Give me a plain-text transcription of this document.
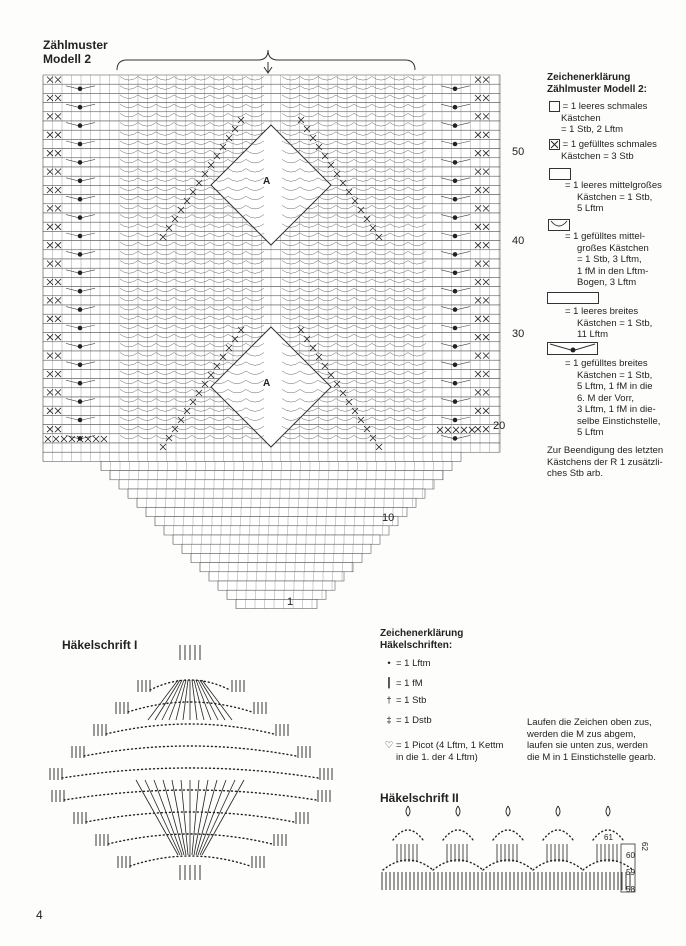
Zählmuster
Modell 2
50
40
30
20
10
1
A
A
Zeichenerklärung
Zählmuster Modell 2:
= 1 leeres schmales
Kästchen
= 1 Stb, 2 Lftm
= 1 gefülltes schmales
Kästchen = 3 Stb
= 1 leeres mittelgroßes
Kästchen = 1 Stb,
5 Lftm
= 1 gefülltes mittel-
großes Kästchen
= 1 Stb, 3 Lftm,
1 fM in den Lftm-
Bogen, 3 Lftm
= 1 leeres breites
Kästchen = 1 Stb,
11 Lftm
= 1 gefülltes breites
Kästchen = 1 Stb,
5 Lftm, 1 fM in die
6. M der Vorr,
3 Lftm, 1 fM in die-
selbe Einstichstelle,
5 Lftm
Zur Beendigung des letzten
Kästchens der R 1 zusätzli-
ches Stb arb.
Häkelschrift I
Zeichenerklärung
Häkelschriften:
• = 1 Lftm
┃ = 1 fM
† = 1 Stb
‡ = 1 Dstb
♡ = 1 Picot (4 Lftm, 1 Kettm
in die 1. der 4 Lftm)
Laufen die Zeichen oben zus,
werden die M zus abgem,
laufen sie unten zus, werden
die M in 1 Einstichstelle gearb.
Häkelschrift II
61
60
59
58
62
4
